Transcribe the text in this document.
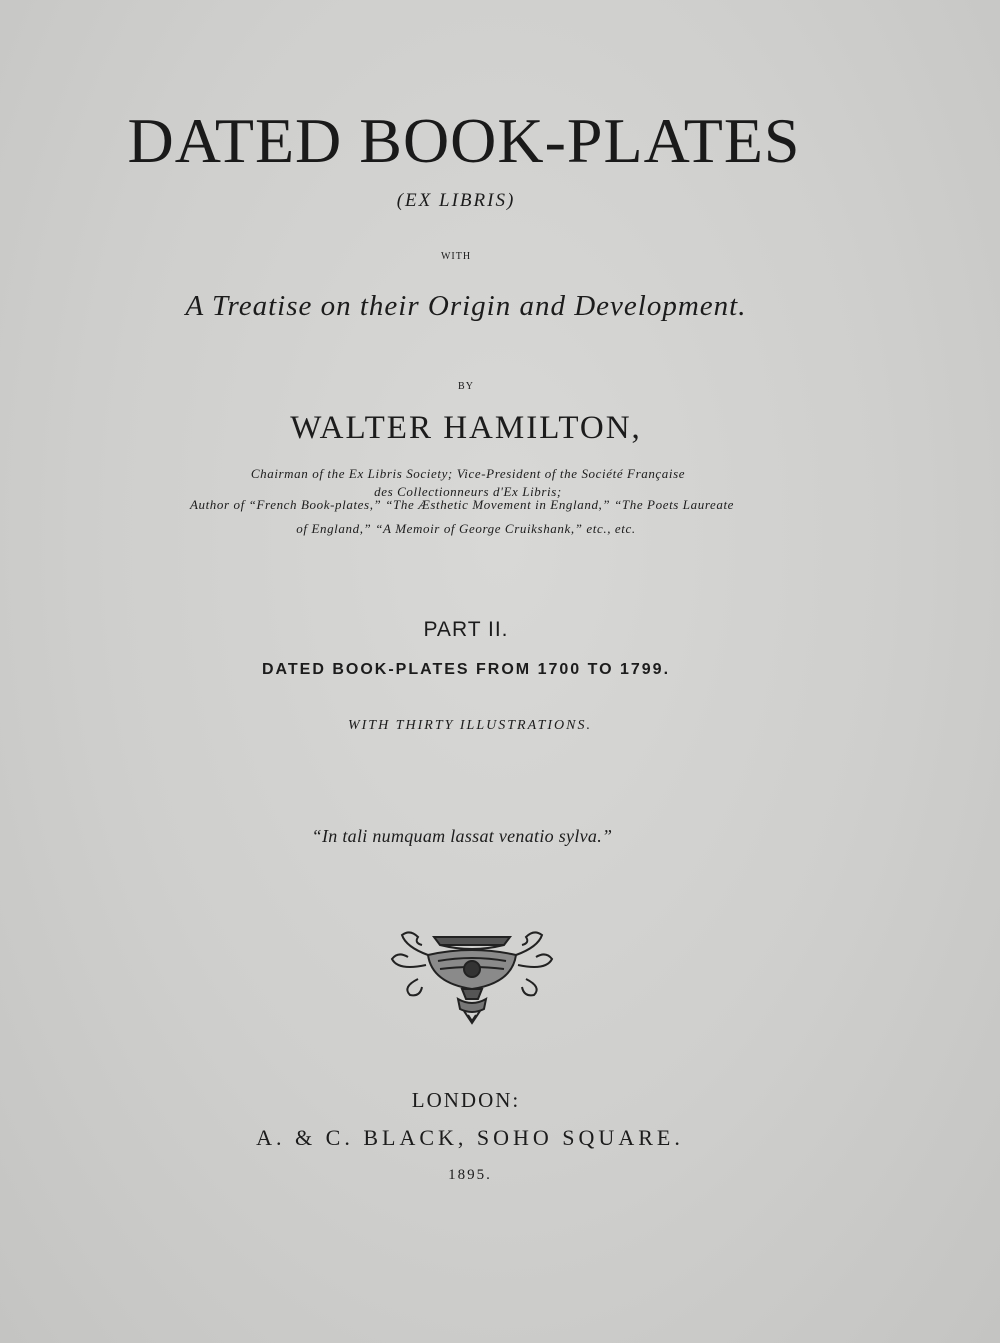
DATED BOOK-PLATES
(EX LIBRIS)
WITH
A Treatise on their Origin and Development.
BY
WALTER HAMILTON,
Chairman of the Ex Libris Society; Vice-President of the Société Française
des Collectionneurs d'Ex Libris;
Author of “French Book-plates,” “The Æsthetic Movement in England,” “The Poets Laureate
of England,” “A Memoir of George Cruikshank,” etc., etc.
PART II.
DATED BOOK-PLATES FROM 1700 TO 1799.
WITH THIRTY ILLUSTRATIONS.
“In tali numquam lassat venatio sylva.”
LONDON:
A. & C. BLACK, SOHO SQUARE.
1895.
